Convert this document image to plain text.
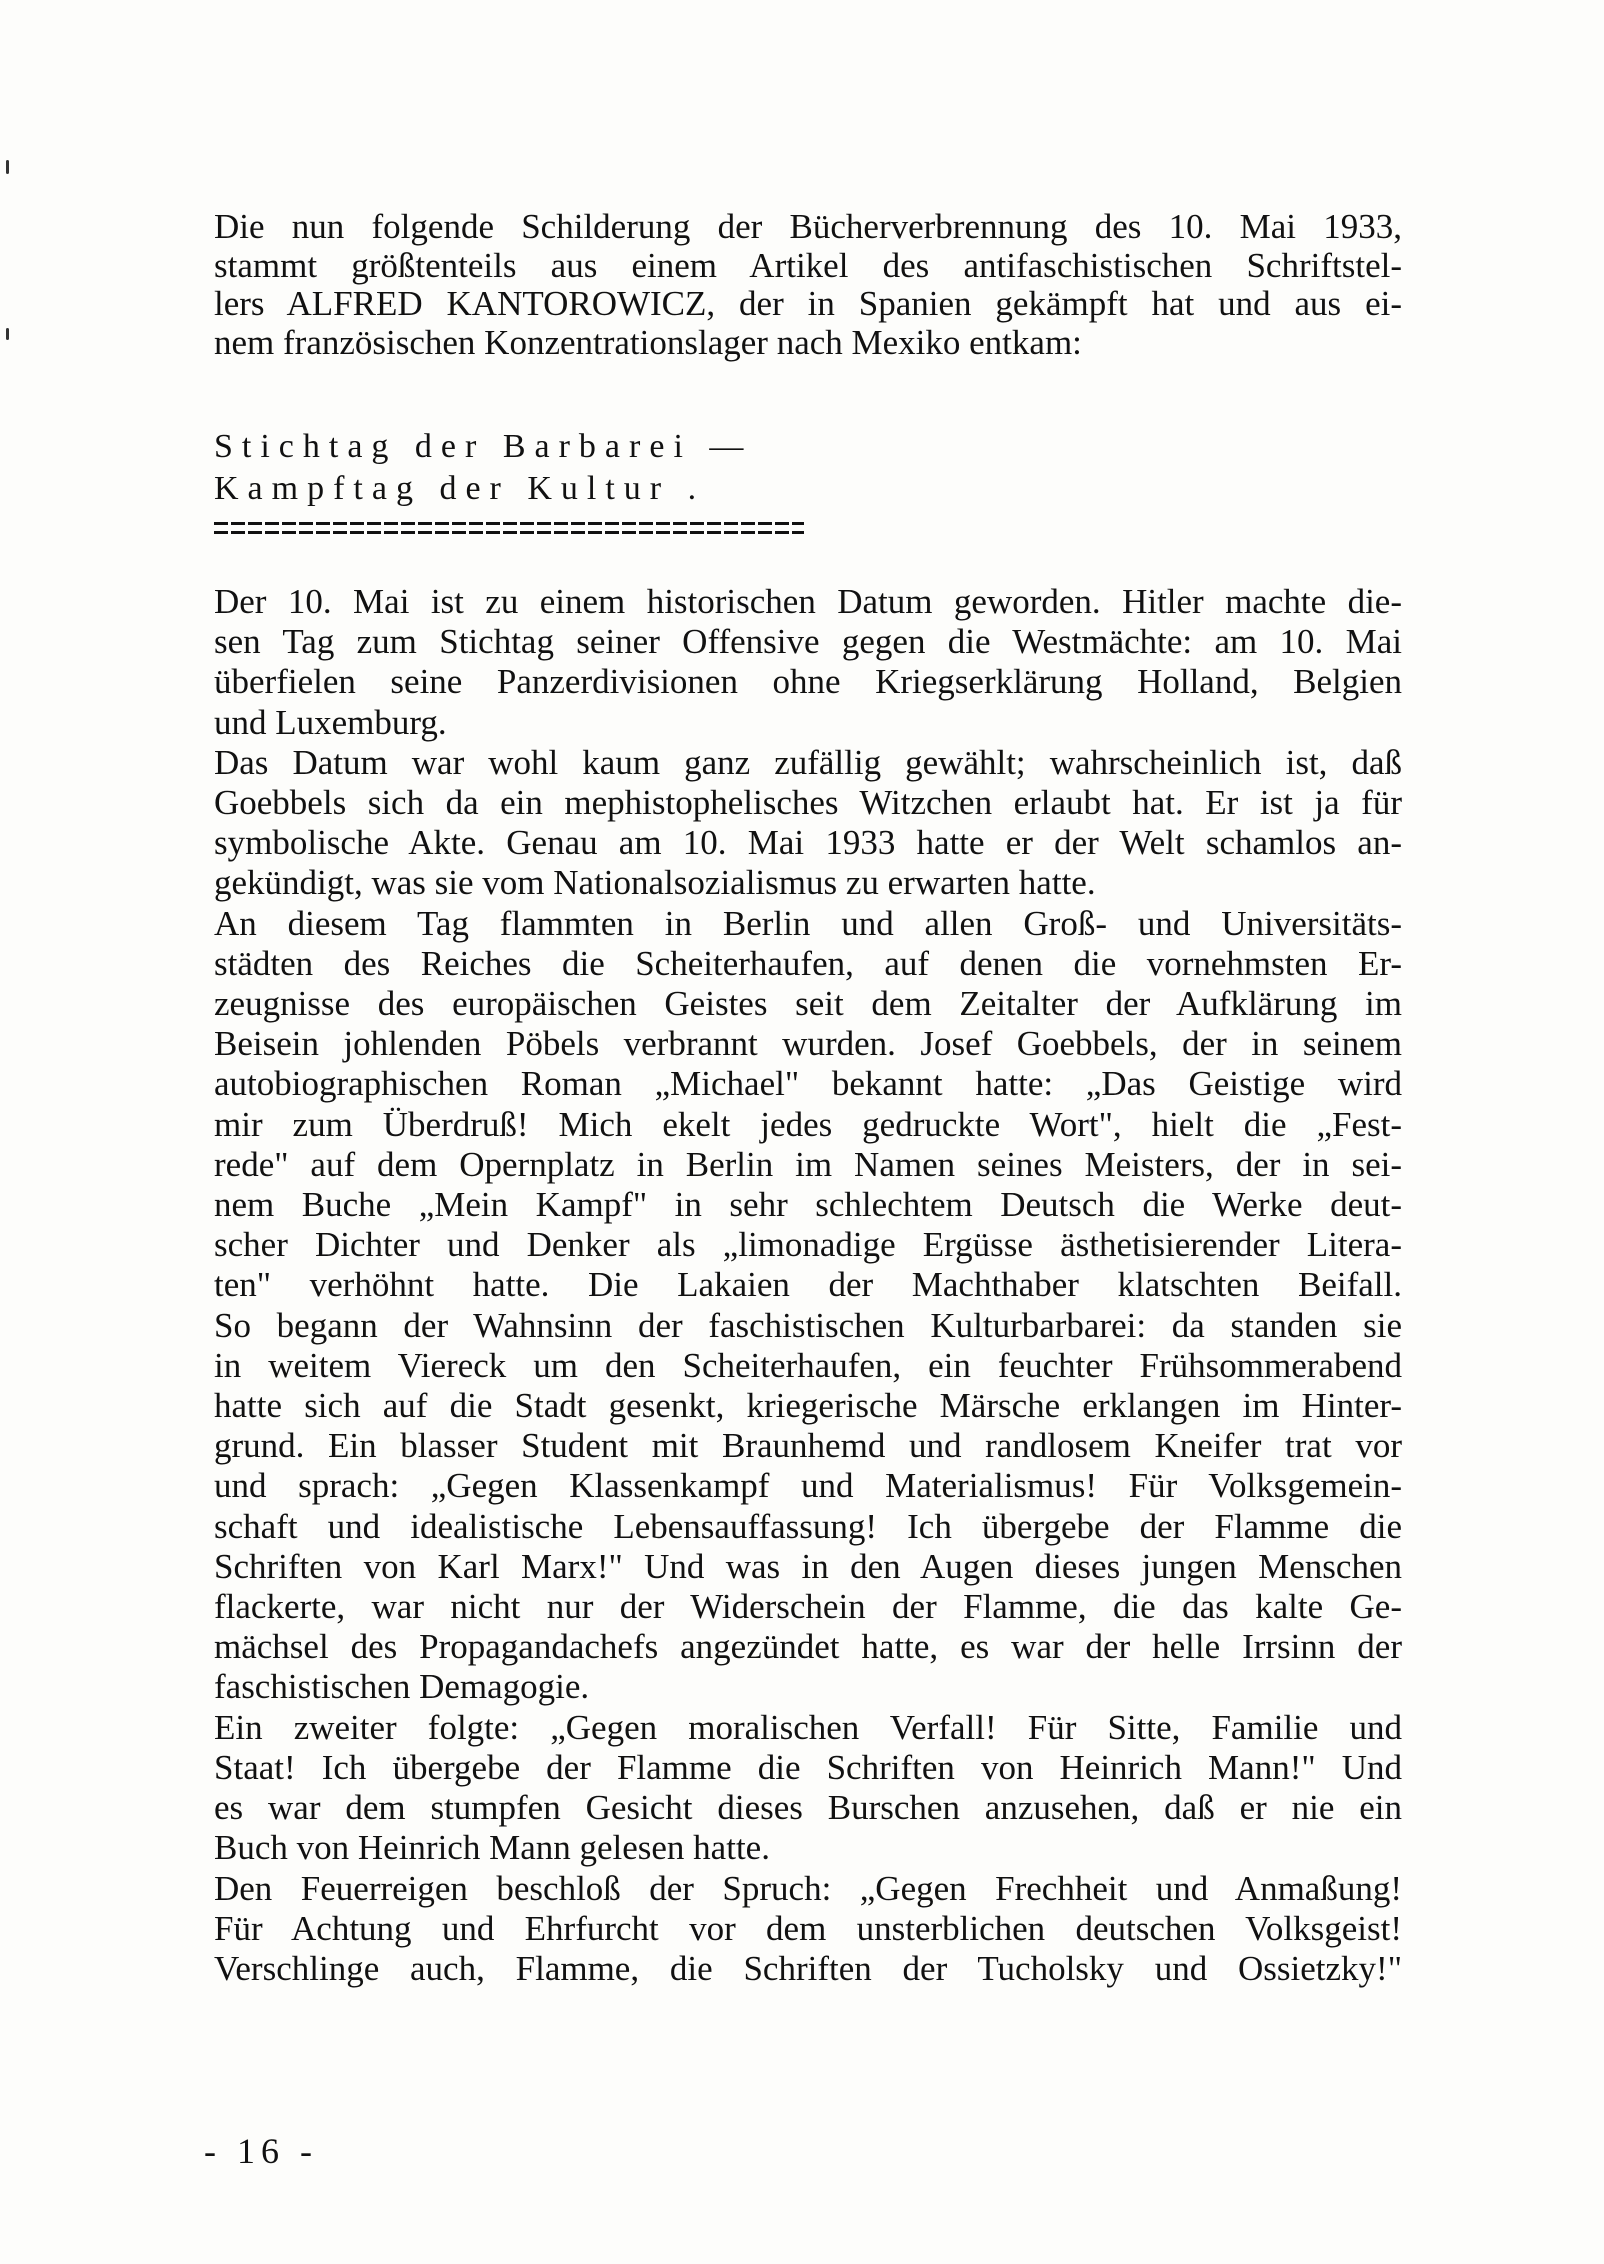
Die nun folgende Schilderung der Bücherverbrennung des 10. Mai 1933,
stammt größtenteils aus einem Artikel des antifaschistischen Schriftstel-
lers ALFRED KANTOROWICZ, der in Spanien gekämpft hat und aus ei-
nem französischen Konzentrationslager nach Mexiko entkam:

Stichtag der Barbarei —
Kampftag der Kultur .
Der 10. Mai ist zu einem historischen Datum geworden. Hitler machte die-
sen Tag zum Stichtag seiner Offensive gegen die Westmächte: am 10. Mai
überfielen seine Panzerdivisionen ohne Kriegserklärung Holland, Belgien
und Luxemburg.
Das Datum war wohl kaum ganz zufällig gewählt; wahrscheinlich ist, daß
Goebbels sich da ein mephistophelisches Witzchen erlaubt hat. Er ist ja für
symbolische Akte. Genau am 10. Mai 1933 hatte er der Welt schamlos an-
gekündigt, was sie vom Nationalsozialismus zu erwarten hatte.
An diesem Tag flammten in Berlin und allen Groß- und Universitäts-
städten des Reiches die Scheiterhaufen, auf denen die vornehmsten Er-
zeugnisse des europäischen Geistes seit dem Zeitalter der Aufklärung im
Beisein johlenden Pöbels verbrannt wurden. Josef Goebbels, der in seinem
autobiographischen Roman „Michael" bekannt hatte: „Das Geistige wird
mir zum Überdruß! Mich ekelt jedes gedruckte Wort", hielt die „Fest-
rede" auf dem Opernplatz in Berlin im Namen seines Meisters, der in sei-
nem Buche „Mein Kampf" in sehr schlechtem Deutsch die Werke deut-
scher Dichter und Denker als „limonadige Ergüsse ästhetisierender Litera-
ten" verhöhnt hatte. Die Lakaien der Machthaber klatschten Beifall.
So begann der Wahnsinn der faschistischen Kulturbarbarei: da standen sie
in weitem Viereck um den Scheiterhaufen, ein feuchter Frühsommerabend
hatte sich auf die Stadt gesenkt, kriegerische Märsche erklangen im Hinter-
grund. Ein blasser Student mit Braunhemd und randlosem Kneifer trat vor
und sprach: „Gegen Klassenkampf und Materialismus! Für Volksgemein-
schaft und idealistische Lebensauffassung! Ich übergebe der Flamme die
Schriften von Karl Marx!" Und was in den Augen dieses jungen Menschen
flackerte, war nicht nur der Widerschein der Flamme, die das kalte Ge-
mächsel des Propagandachefs angezündet hatte, es war der helle Irrsinn der
faschistischen Demagogie.
Ein zweiter folgte: „Gegen moralischen Verfall! Für Sitte, Familie und
Staat! Ich übergebe der Flamme die Schriften von Heinrich Mann!" Und
es war dem stumpfen Gesicht dieses Burschen anzusehen, daß er nie ein
Buch von Heinrich Mann gelesen hatte.
Den Feuerreigen beschloß der Spruch: „Gegen Frechheit und Anmaßung!
Für Achtung und Ehrfurcht vor dem unsterblichen deutschen Volksgeist!
Verschlinge auch, Flamme, die Schriften der Tucholsky und Ossietzky!"

- 16 -
